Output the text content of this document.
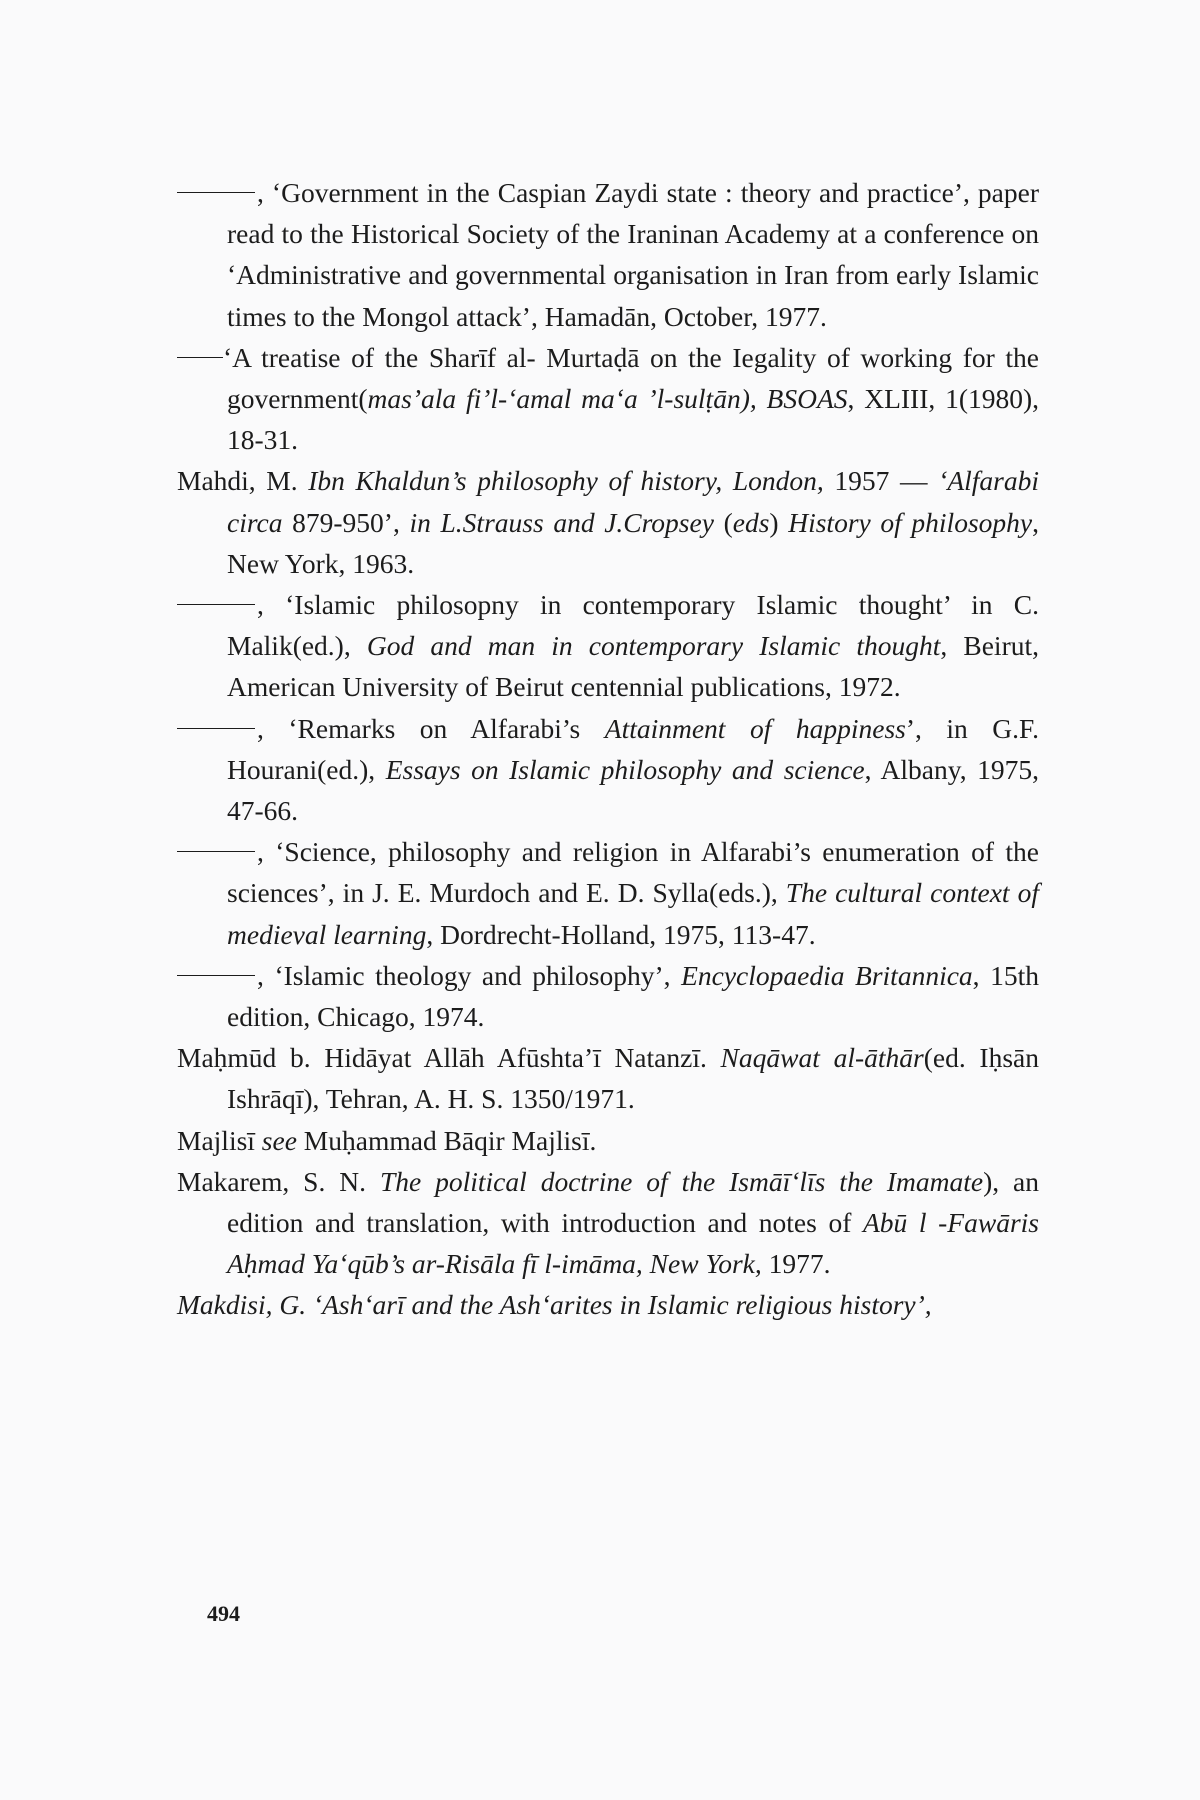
, ‘Government in the Caspian Zaydi state : theory and practice’, paper read to the Historical Society of the Iraninan Academy at a conference on ‘Administrative and governmental organisation in Iran from early Islamic times to the Mongol attack’, Hamadān, October, 1977.

‘A treatise of the Sharīf al- Murtaḍā on the Iegality of working for the government(mas’ala fi’l-‘amal ma‘a ’l-sulṭān), BSOAS, XLIII, 1(1980), 18-31.

Mahdi, M. Ibn Khaldun’s philosophy of history, London, 1957 — ‘Alfarabi circa 879-950’, in L.Strauss and J.Cropsey (eds) History of philosophy, New York, 1963.

, ‘Islamic philosopny in contemporary Islamic thought’ in C. Malik(ed.), God and man in contemporary Islamic thought, Beirut, American University of Beirut centennial publications, 1972.

, ‘Remarks on Alfarabi’s Attainment of happiness’, in G.F. Hourani(ed.), Essays on Islamic philosophy and science, Albany, 1975, 47-66.

, ‘Science, philosophy and religion in Alfarabi’s enumeration of the sciences’, in J. E. Murdoch and E. D. Sylla(eds.), The cultural context of medieval learning, Dordrecht-Holland, 1975, 113-47.

, ‘Islamic theology and philosophy’, Encyclopaedia Britannica, 15th edition, Chicago, 1974.

Maḥmūd b. Hidāyat Allāh Afūshta’ī Natanzī. Naqāwat al-āthār(ed. Iḥsān Ishrāqī), Tehran, A. H. S. 1350/1971.

Majlisī see Muḥammad Bāqir Majlisī.

Makarem, S. N. The political doctrine of the Ismāī‘līs the Imamate), an edition and translation, with introduction and notes of Abū l -Fawāris Aḥmad Ya‘qūb’s ar-Risāla fī l-imāma, New York, 1977.

Makdisi, G. ‘Ash‘arī and the Ash‘arites in Islamic religious history’,

494
